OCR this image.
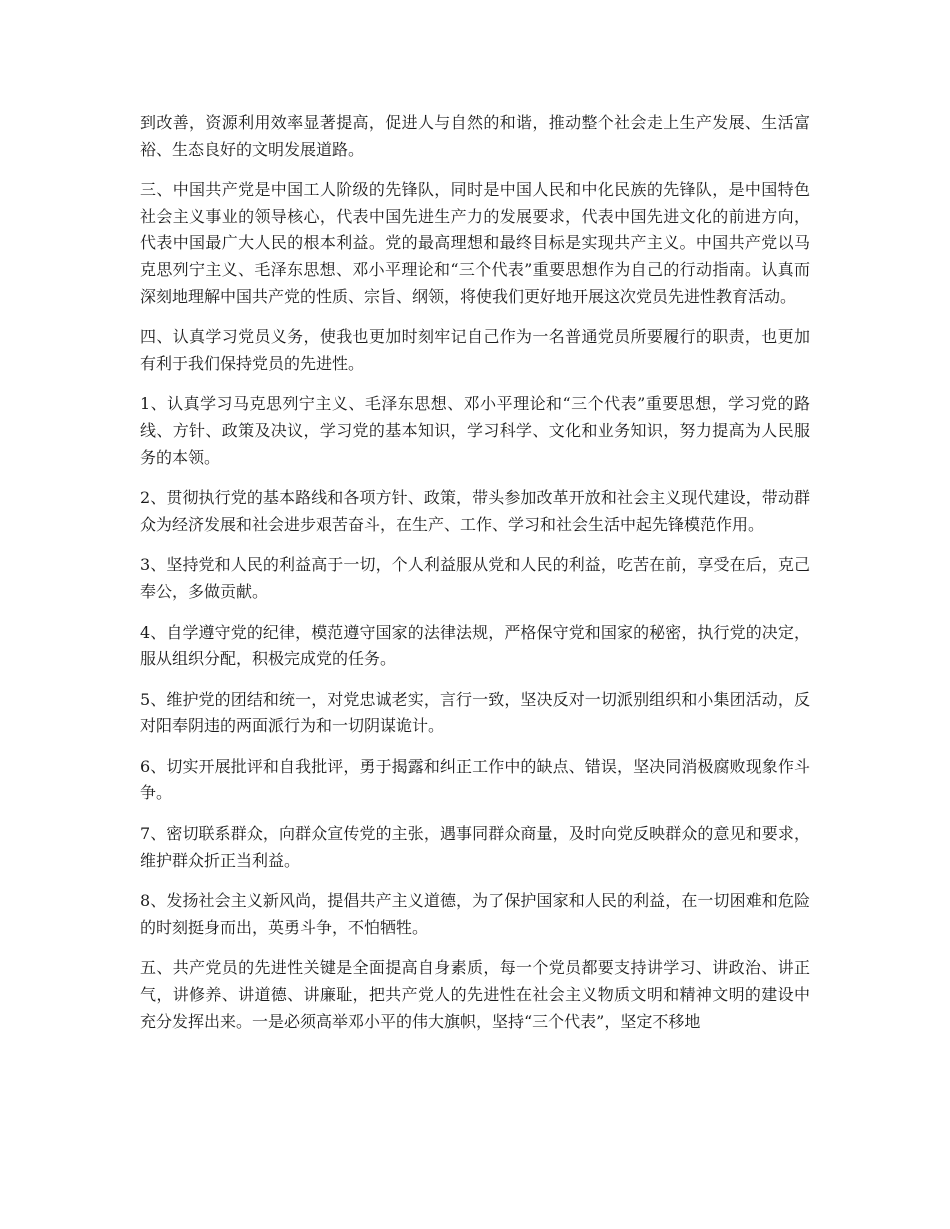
到改善，资源利用效率显著提高，促进人与自然的和谐，推动整个社会走上生产发展、生活富裕、生态良好的文明发展道路。

三、中国共产党是中国工人阶级的先锋队，同时是中国人民和中化民族的先锋队，是中国特色社会主义事业的领导核心，代表中国先进生产力的发展要求，代表中国先进文化的前进方向，代表中国最广大人民的根本利益。党的最高理想和最终目标是实现共产主义。中国共产党以马克思列宁主义、毛泽东思想、邓小平理论和“三个代表”重要思想作为自己的行动指南。认真而深刻地理解中国共产党的性质、宗旨、纲领，将使我们更好地开展这次党员先进性教育活动。

四、认真学习党员义务，使我也更加时刻牢记自己作为一名普通党员所要履行的职责，也更加有利于我们保持党员的先进性。

1、认真学习马克思列宁主义、毛泽东思想、邓小平理论和“三个代表”重要思想，学习党的路线、方针、政策及决议，学习党的基本知识，学习科学、文化和业务知识，努力提高为人民服务的本领。

2、贯彻执行党的基本路线和各项方针、政策，带头参加改革开放和社会主义现代建设，带动群众为经济发展和社会进步艰苦奋斗，在生产、工作、学习和社会生活中起先锋模范作用。

3、坚持党和人民的利益高于一切，个人利益服从党和人民的利益，吃苦在前，享受在后，克己奉公，多做贡献。

4、自学遵守党的纪律，模范遵守国家的法律法规，严格保守党和国家的秘密，执行党的决定，服从组织分配，积极完成党的任务。

5、维护党的团结和统一，对党忠诚老实，言行一致，坚决反对一切派别组织和小集团活动，反对阳奉阴违的两面派行为和一切阴谋诡计。

6、切实开展批评和自我批评，勇于揭露和纠正工作中的缺点、错误，坚决同消极腐败现象作斗争。

7、密切联系群众，向群众宣传党的主张，遇事同群众商量，及时向党反映群众的意见和要求，维护群众折正当利益。

8、发扬社会主义新风尚，提倡共产主义道德，为了保护国家和人民的利益，在一切困难和危险的时刻挺身而出，英勇斗争，不怕牺牲。

五、共产党员的先进性关键是全面提高自身素质，每一个党员都要支持讲学习、讲政治、讲正气，讲修养、讲道德、讲廉耻，把共产党人的先进性在社会主义物质文明和精神文明的建设中充分发挥出来。一是必须高举邓小平的伟大旗帜，坚持“三个代表”，坚定不移地
